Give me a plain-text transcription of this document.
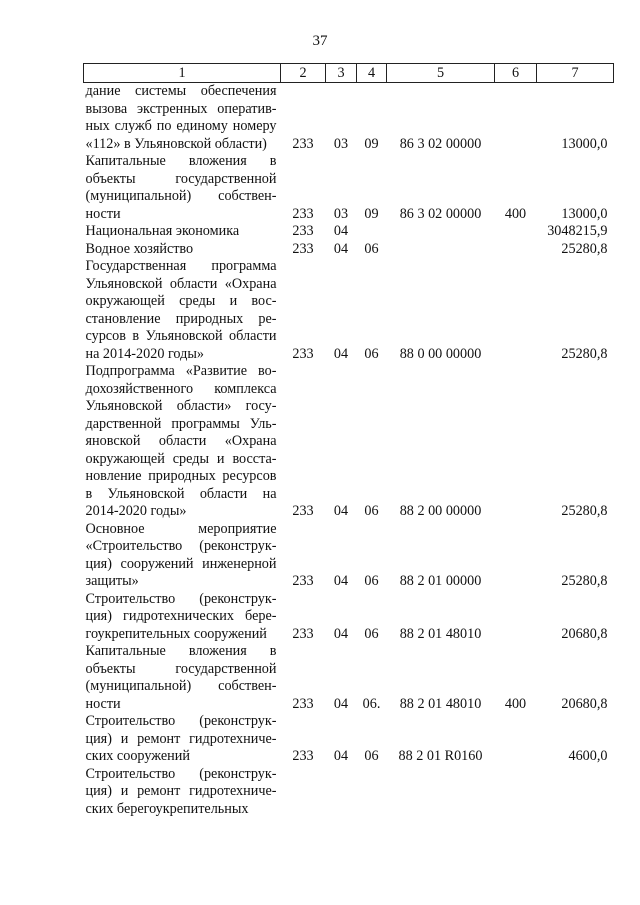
37
1	2	3	4	5	6	7
дание системы обеспечения вызова экстренных оперативных служб по единому номеру «112» в Ульяновской области)	233	03	09	86 3 02 00000		13000,0
Капитальные вложения в объекты государственной (муниципальной) собственности	233	03	09	86 3 02 00000	400	13000,0
Национальная экономика	233	04				3048215,9
Водное хозяйство	233	04	06			25280,8
Государственная программа Ульяновской области «Охрана окружающей среды и восстановление природных ресурсов в Ульяновской области на 2014-2020 годы»	233	04	06	88 0 00 00000		25280,8
Подпрограмма «Развитие водохозяйственного комплекса Ульяновской области» государственной программы Ульяновской области «Охрана окружающей среды и восстановление природных ресурсов в Ульяновской области на 2014-2020 годы»	233	04	06	88 2 00 00000		25280,8
Основное мероприятие «Строительство (реконструкция) сооружений инженерной защиты»	233	04	06	88 2 01 00000		25280,8
Строительство (реконструкция) гидротехнических берегоукрепительных сооружений	233	04	06	88 2 01 48010		20680,8
Капитальные вложения в объекты государственной (муниципальной) собственности	233	04	06.	88 2 01 48010	400	20680,8
Строительство (реконструкция) и ремонт гидротехнических сооружений	233	04	06	88 2 01 R0160		4600,0
Строительство (реконструкция) и ремонт гидротехнических берегоукрепительных						
